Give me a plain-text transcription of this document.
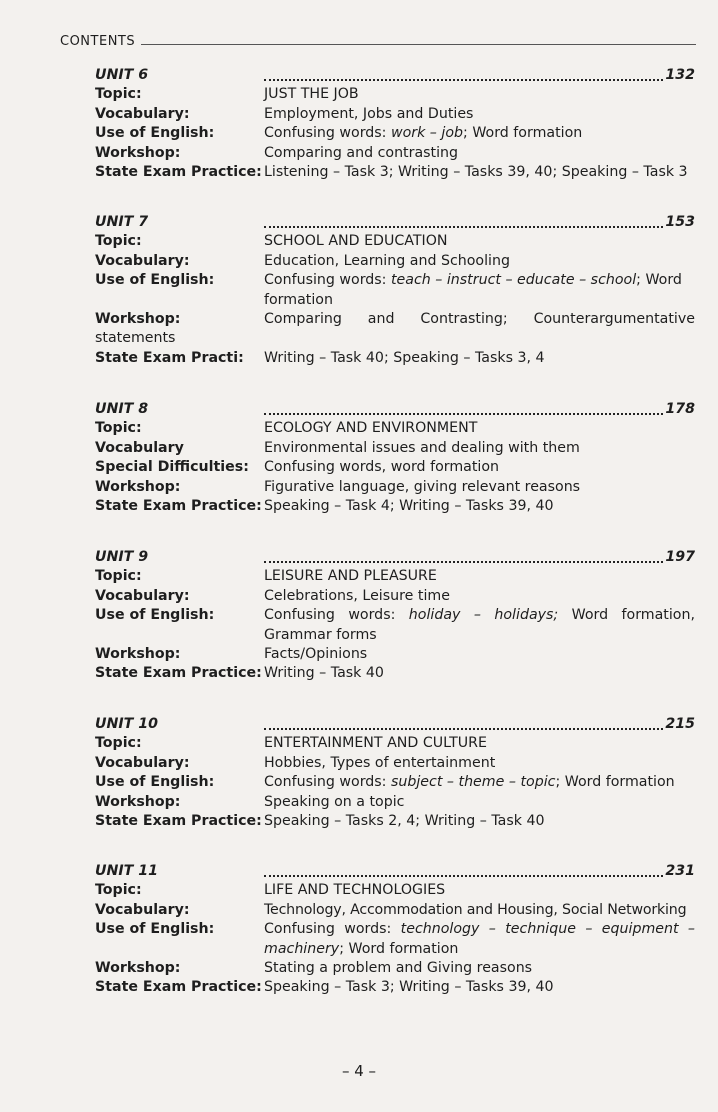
CONTENTS
UNIT 6	132
Topic:	JUST THE JOB
Vocabulary:	Employment, Jobs and Duties
Use of English:	Confusing words: work – job; Word formation
Workshop:	Comparing and contrasting
State Exam Practice: Listening – Task 3; Writing – Tasks 39, 40; Speaking – Task 3
UNIT 7	153
Topic:	SCHOOL AND EDUCATION
Vocabulary:	Education, Learning and Schooling
Use of English:	Confusing words: teach – instruct – educate – school; Word
formation
Workshop:	Comparing and Contrasting; Counterargumentative
statements
State Exam Practi:	Writing – Task 40; Speaking – Tasks 3, 4
UNIT 8	178
Topic:	ECOLOGY AND ENVIRONMENT
Vocabulary	Environmental issues and dealing with them
Special Difficulties:	Confusing words, word formation
Workshop:	Figurative language, giving relevant reasons
State Exam Practice: Speaking – Task 4; Writing – Tasks 39, 40
UNIT 9	197
Topic:	LEISURE AND PLEASURE
Vocabulary:	Celebrations, Leisure time
Use of English:	Confusing words: holiday – holidays; Word formation,
Grammar forms
Workshop:	Facts/Opinions
State Exam Practice: Writing – Task 40
UNIT 10	215
Topic:	ENTERTAINMENT AND CULTURE
Vocabulary:	Hobbies, Types of entertainment
Use of English:	Confusing words: subject – theme – topic; Word formation
Workshop:	Speaking on a topic
State Exam Practice: Speaking – Tasks 2, 4; Writing – Task 40
UNIT 11	231
Topic:	LIFE AND TECHNOLOGIES
Vocabulary:	Technology, Accommodation and Housing, Social Networking
Use of English:	Confusing words: technology – technique – equipment –
machinery; Word formation
Workshop:	Stating a problem and Giving reasons
State Exam Practice: Speaking – Task 3; Writing – Tasks 39, 40
– 4 –
